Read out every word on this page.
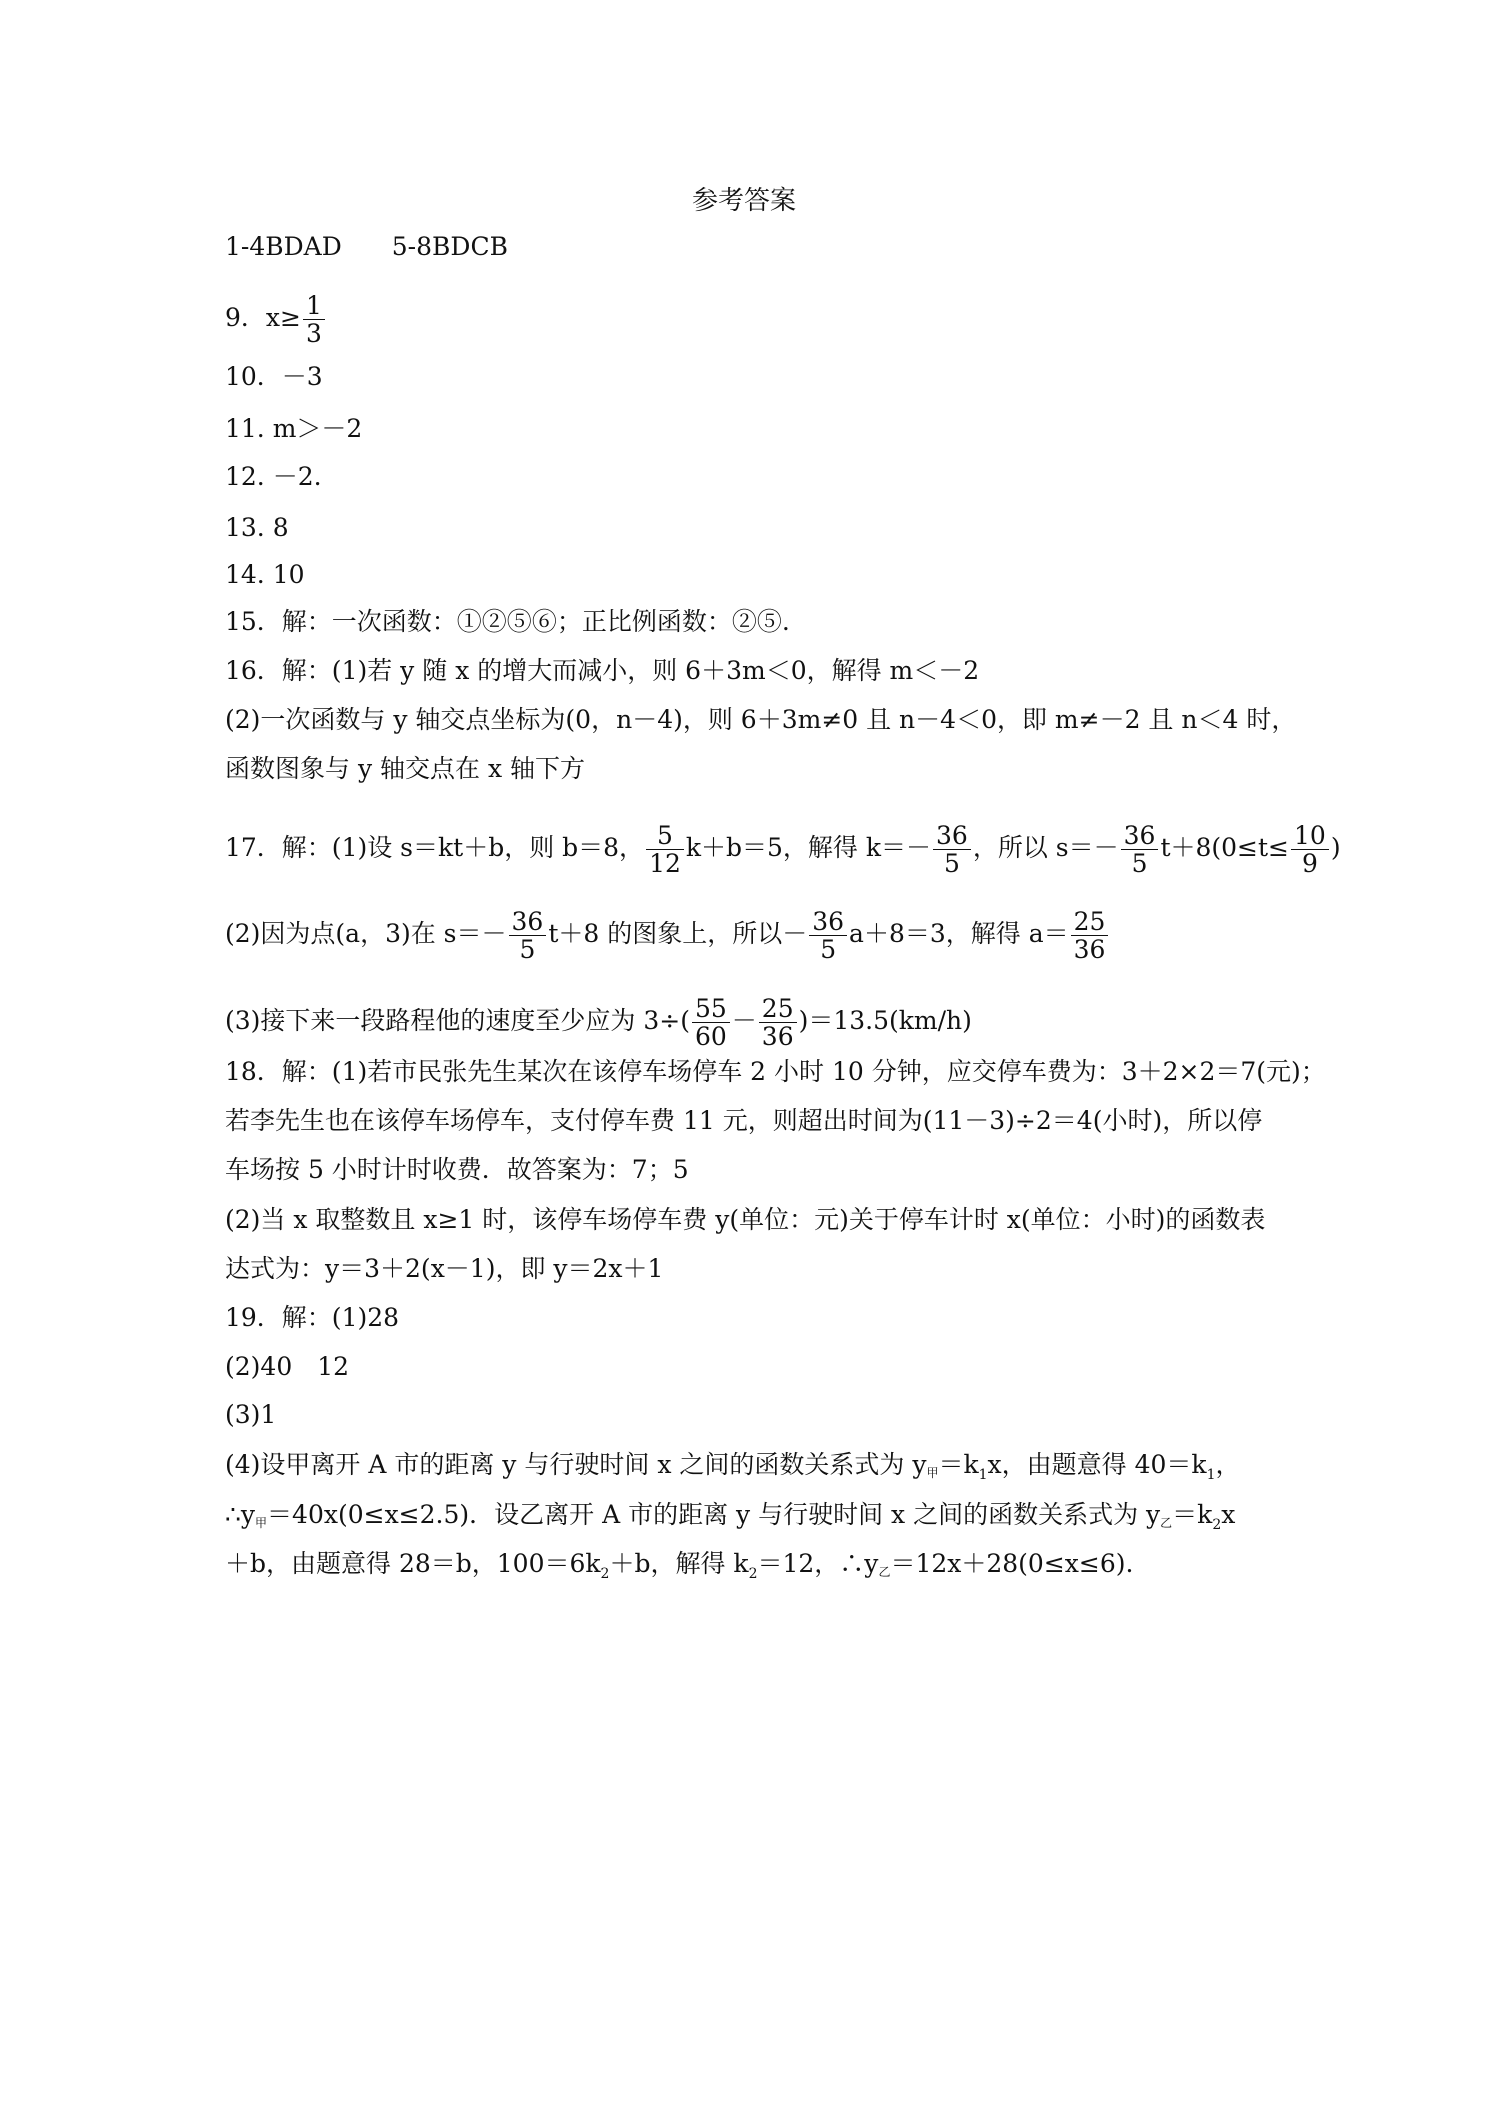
参考答案
1-4BDAD　　5-8BDCB
9．$x\ge \frac{1}{3}$
10．－3
11. m＞－2
12. －2.
13. 8
14. 10
15．解：一次函数：①②⑤⑥；正比例函数：②⑤.
16．解：(1)若 y 随 x 的增大而减小，则 6＋3m＜0，解得 m＜－2
(2)一次函数与 y 轴交点坐标为(0，n－4)，则 6＋3m≠0 且 n－4＜0，即 m≠－2 且 n＜4 时，
函数图象与 y 轴交点在 x 轴下方
17．解：(1)设 s＝kt＋b，则 b＝8， $\frac{5}{12} k+b=5$，解得 $k=- \frac{36}{5}$ ，所以 $s=- \frac{36}{5} t+8(0\le t\le \frac{10}{9}$ )
(2)因为点(a，3)在 $s=- \frac{36}{5} t+8$ 的图象上，所以－ $\frac{36}{5} a+8=3$，解得 $a= \frac{25}{36}$
(3)接下来一段路程他的速度至少应为 $3\div( \frac{55}{60} - \frac{25}{36} )=13.5(km/h)$
18．解：(1)若市民张先生某次在该停车场停车 2 小时 10 分钟，应交停车费为：3＋2×2＝7(元)；
若李先生也在该停车场停车，支付停车费 11 元，则超出时间为(11－3)÷2＝4(小时)，所以停
车场按 5 小时计时收费．故答案为：7；5
(2)当 x 取整数且 x≥1 时，该停车场停车费 y(单位：元)关于停车计时 x(单位：小时)的函数表
达式为：y＝3＋2(x－1)，即 y＝2x＋1
19．解：(1)28
(2)40　12
(3)1
(4)设甲离开 A 市的距离 y 与行驶时间 x 之间的函数关系式为 y甲$=k_1x$，由题意得 $40=k_1$，
∴y甲＝40x(0≤x≤2.5)．设乙离开 A 市的距离 y 与行驶时间 x 之间的函数关系式为 y乙$=k_2x$
＋b，由题意得 28＝b，$100=6k_2+b$，解得 $k_2=12$，∴y乙＝12x＋28(0≤x≤6).
